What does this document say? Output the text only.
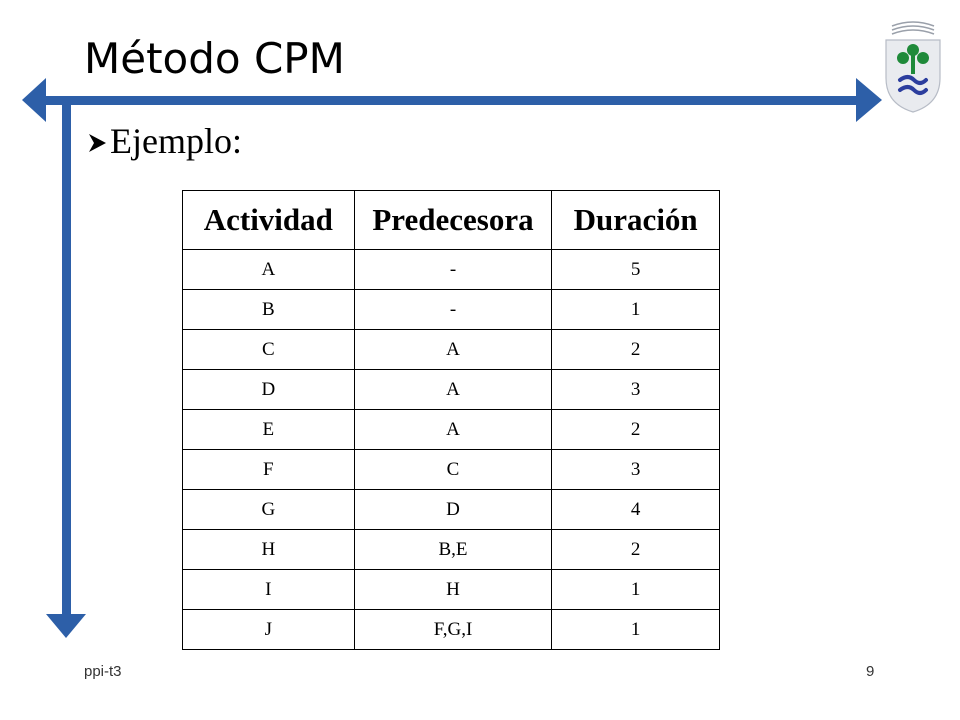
Método CPM
Ejemplo:
Actividad	Predecesora	Duración
A	-	5
B	-	1
C	A	2
D	A	3
E	A	2
F	C	3
G	D	4
H	B,E	2
I	H	1
J	F,G,I	1
ppi-t3	9
